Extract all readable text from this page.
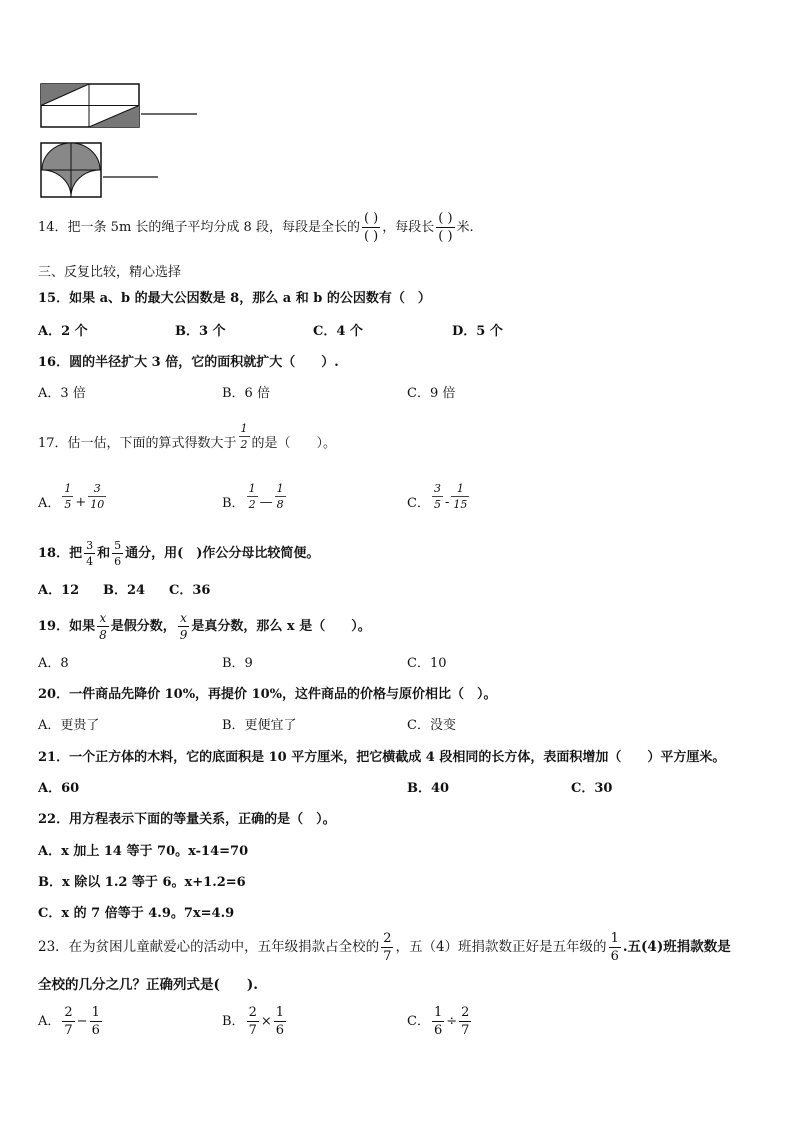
14．把一条 5m 长的绳子平均分成 8 段，每段是全长的 $\frac{( )}{( )}$ ，每段长 $\frac{( )}{( )}$ 米.
三、反复比较，精心选择
15．如果 a、b 的最大公因数是 8，那么 a 和 b 的公因数有（　）
A．2 个	B．3 个	C．4 个	D．5 个
16．圆的半径扩大 3 倍，它的面积就扩大（　　）.
A．3 倍	B．6 倍	C．9 倍
17．估一估，下面的算式得数大于 $\frac{1}{2}$ 的是（　　）。
A． $\frac{1}{5} + \frac{3}{10}$	B． $\frac{1}{2}$ — $\frac{1}{8}$	C． $\frac{3}{5} - \frac{1}{15}$
18．把 $\frac{3}{4}$ 和 $\frac{5}{6}$ 通分，用(　)作公分母比较简便。
A．12 B．24 C．36
19．如果 $\frac{x}{8}$ 是假分数， $\frac{x}{9}$ 是真分数，那么 x 是（　　）。
A．8	B．9	C．10
20．一件商品先降价 10%，再提价 10%，这件商品的价格与原价相比（　）。
A．更贵了	B．更便宜了	C．没变
21．一个正方体的木料，它的底面积是 10 平方厘米，把它横截成 4 段相同的长方体，表面积增加（　　）平方厘米。
A．60	B．40	C．30
22．用方程表示下面的等量关系，正确的是（　）。
A．x 加上 14 等于 70。x-14=70
B．x 除以 1.2 等于 6。x+1.2=6
C．x 的 7 倍等于 4.9。7x=4.9
23．在为贫困儿童献爱心的活动中，五年级捐款占全校的 $\frac{2}{7}$ ，五（4）班捐款数正好是五年级的 $\frac{1}{6}$ .五(4)班捐款数是
全校的几分之几？正确列式是(　　).
A． $\frac{2}{7} - \frac{1}{6}$	B． $\frac{2}{7} \times \frac{1}{6}$	C． $\frac{1}{6} \div \frac{2}{7}$
